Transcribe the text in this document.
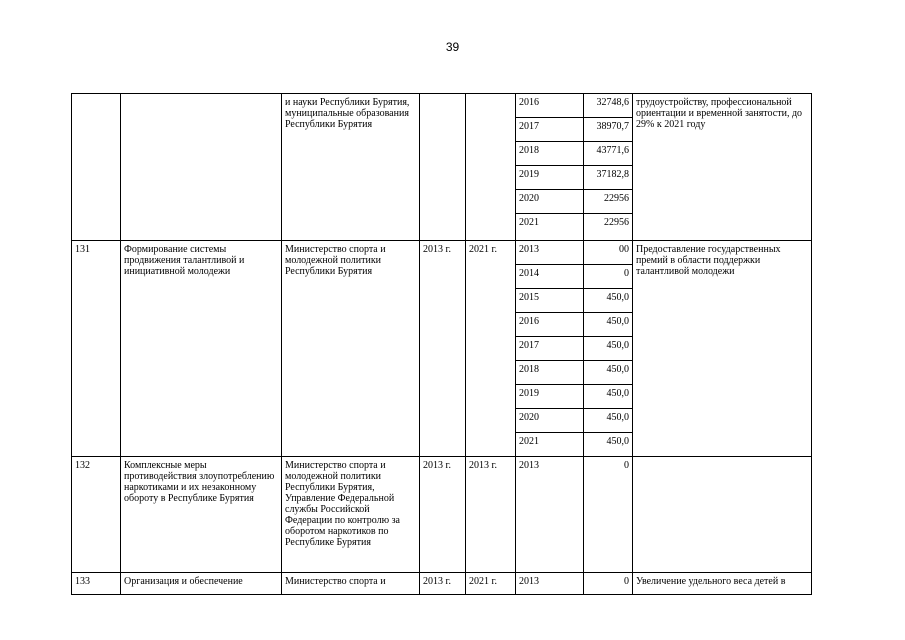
39
		и науки Республики Бурятия, муниципальные образования Республики Бурятия			2016	32748,6	трудоустройству, профессиональной ориентации и временной занятости, до 29% к 2021 году
					2017	38970,7	
					2018	43771,6	
					2019	37182,8	
					2020	22956	
					2021	22956	
131	Формирование системы продвижения талантливой и инициативной молодежи	Министерство спорта и молодежной политики Республики Бурятия	2013 г.	2021 г.	2013	00	Предоставление государственных премий в области поддержки талантливой молодежи
					2014	0	
					2015	450,0	
					2016	450,0	
					2017	450,0	
					2018	450,0	
					2019	450,0	
					2020	450,0	
					2021	450,0	
132	Комплексные меры противодействия злоупотреблению наркотиками и их незаконному обороту в Республике Бурятия	Министерство спорта и молодежной политики Республики Бурятия, Управление Федеральной службы Российской Федерации по контролю за оборотом наркотиков по Республике Бурятия	2013 г.	2013 г.	2013	0	
133	Организация и обеспечение	Министерство спорта и	2013 г.	2021 г.	2013	0	Увеличение удельного веса детей в
